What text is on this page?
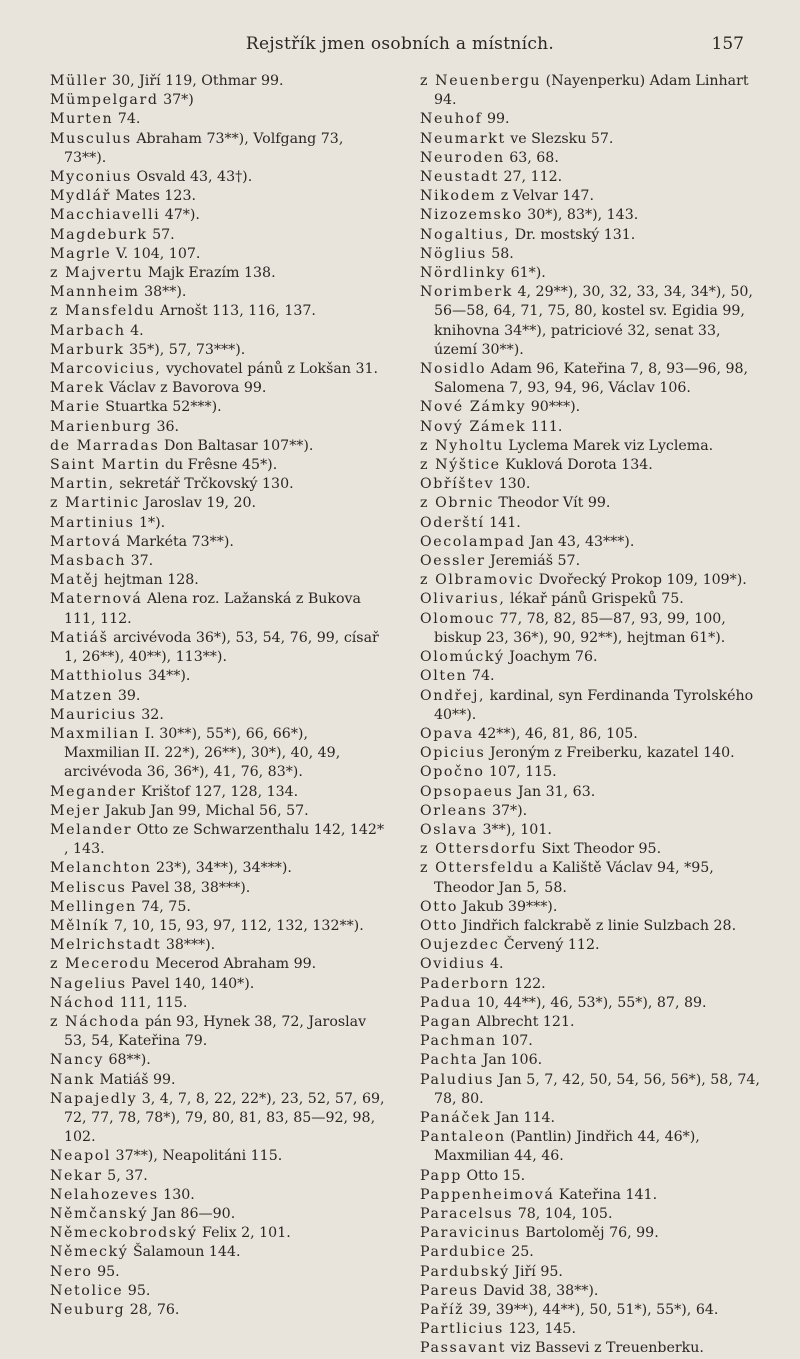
Rejstřík jmen osobních a místních.	157
Müller 30, Jiří 119, Othmar 99.
Mümpelgard 37*)
Murten 74.
Musculus Abraham 73**), Volfgang 73, 73**).
Myconius Osvald 43, 43†).
Mydlář Mates 123.
Macchiavelli 47*).
Magdeburk 57.
Magrle V. 104, 107.
z Majvertu Majk Erazím 138.
Mannheim 38**).
z Mansfeldu Arnošt 113, 116, 137.
Marbach 4.
Marburk 35*), 57, 73***).
Marcovicius, vychovatel pánů z Lokšan 31.
Marek Václav z Bavorova 99.
Marie Stuartka 52***).
Marienburg 36.
de Marradas Don Baltasar 107**).
Saint Martin du Frêsne 45*).
Martin, sekretář Trčkovský 130.
z Martinic Jaroslav 19, 20.
Martinius 1*).
Martová Markéta 73**).
Masbach 37.
Matěj hejtman 128.
Maternová Alena roz. Lažanská z Bukova 111, 112.
Matiáš arcivévoda 36*), 53, 54, 76, 99, císař 1, 26**), 40**), 113**).
Matthiolus 34**).
Matzen 39.
Mauricius 32.
Maxmilian I. 30**), 55*), 66, 66*), Maxmilian II. 22*), 26**), 30*), 40, 49, arcivévoda 36, 36*), 41, 76, 83*).
Megander Krištof 127, 128, 134.
Mejer Jakub Jan 99, Michal 56, 57.
Melander Otto ze Schwarzenthalu 142, 142* , 143.
Melanchton 23*), 34**), 34***).
Meliscus Pavel 38, 38***).
Mellingen 74, 75.
Mělník 7, 10, 15, 93, 97, 112, 132, 132**).
Melrichstadt 38***).
z Mecerodu Mecerod Abraham 99.
Nagelius Pavel 140, 140*).
Náchod 111, 115.
z Náchoda pán 93, Hynek 38, 72, Jaroslav 53, 54, Kateřina 79.
Nancy 68**).
Nank Matiáš 99.
Napajedly 3, 4, 7, 8, 22, 22*), 23, 52, 57, 69, 72, 77, 78, 78*), 79, 80, 81, 83, 85—92, 98, 102.
Neapol 37**), Neapolitáni 115.
Nekar 5, 37.
Nelahozeves 130.
Němčanský Jan 86—90.
Německobrodský Felix 2, 101.
Německý Šalamoun 144.
Nero 95.
Netolice 95.
Neuburg 28, 76.
z Neuenbergu (Nayenperku) Adam Linhart 94.
Neuhof 99.
Neumarkt ve Slezsku 57.
Neuroden 63, 68.
Neustadt 27, 112.
Nikodem z Velvar 147.
Nizozemsko 30*), 83*), 143.
Nogaltius, Dr. mostský 131.
Nöglius 58.
Nördlinky 61*).
Norimberk 4, 29**), 30, 32, 33, 34, 34*), 50, 56—58, 64, 71, 75, 80, kostel sv. Egidia 99, knihovna 34**), patriciové 32, senat 33, území 30**).
Nosidlo Adam 96, Kateřina 7, 8, 93—96, 98, Salomena 7, 93, 94, 96, Václav 106.
Nové Zámky 90***).
Nový Zámek 111.
z Nyholtu Lyclema Marek viz Lyclema.
z Nýštice Kuklová Dorota 134.
Obříštev 130.
z Obrnic Theodor Vít 99.
Oderští 141.
Oecolampad Jan 43, 43***).
Oessler Jeremiáš 57.
z Olbramovic Dvořecký Prokop 109, 109*).
Olivarius, lékař pánů Grispeků 75.
Olomouc 77, 78, 82, 85—87, 93, 99, 100, biskup 23, 36*), 90, 92**), hejtman 61*).
Olomúcký Joachym 76.
Olten 74.
Ondřej, kardinal, syn Ferdinanda Tyrolského 40**).
Opava 42**), 46, 81, 86, 105.
Opicius Jeroným z Freiberku, kazatel 140.
Opočno 107, 115.
Opsopaeus Jan 31, 63.
Orleans 37*).
Oslava 3**), 101.
z Ottersdorfu Sixt Theodor 95.
z Ottersfeldu a Kaliště Václav 94, *95, Theodor Jan 5, 58.
Otto Jakub 39***).
Otto Jindřich falckrabě z linie Sulzbach 28.
Oujezdec Červený 112.
Ovidius 4.
Paderborn 122.
Padua 10, 44**), 46, 53*), 55*), 87, 89.
Pagan Albrecht 121.
Pachman 107.
Pachta Jan 106.
Paludius Jan 5, 7, 42, 50, 54, 56, 56*), 58, 74, 78, 80.
Panáček Jan 114.
Pantaleon (Pantlin) Jindřich 44, 46*), Maxmilian 44, 46.
Papp Otto 15.
Pappenheimová Kateřina 141.
Paracelsus 78, 104, 105.
Paravicinus Bartoloměj 76, 99.
Pardubice 25.
Pardubský Jiří 95.
Pareus David 38, 38**).
Paříž 39, 39**), 44**), 50, 51*), 55*), 64.
Partlicius 123, 145.
Passavant viz Bassevi z Treuenberku.
